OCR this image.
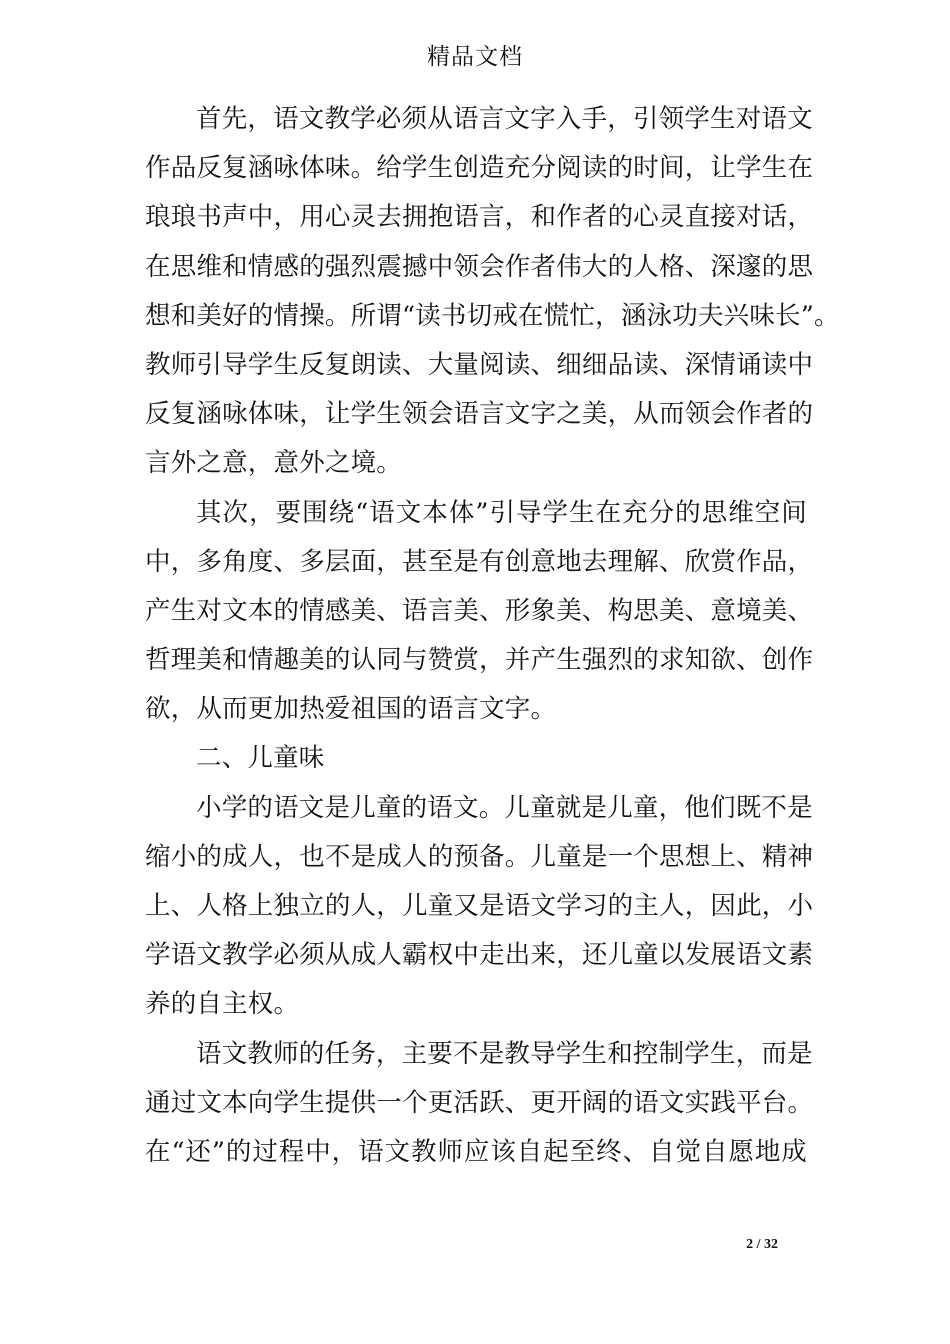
精品文档
首先，语文教学必须从语言文字入手，引领学生对语文
作品反复涵咏体味。给学生创造充分阅读的时间，让学生在
琅琅书声中，用心灵去拥抱语言，和作者的心灵直接对话，
在思维和情感的强烈震撼中领会作者伟大的人格、深邃的思
想和美好的情操。所谓“读书切戒在慌忙，涵泳功夫兴味长”。
教师引导学生反复朗读、大量阅读、细细品读、深情诵读中
反复涵咏体味，让学生领会语言文字之美，从而领会作者的
言外之意，意外之境。
其次，要围绕“语文本体”引导学生在充分的思维空间
中，多角度、多层面，甚至是有创意地去理解、欣赏作品，
产生对文本的情感美、语言美、形象美、构思美、意境美、
哲理美和情趣美的认同与赞赏，并产生强烈的求知欲、创作
欲，从而更加热爱祖国的语言文字。
二、儿童味
小学的语文是儿童的语文。儿童就是儿童，他们既不是
缩小的成人，也不是成人的预备。儿童是一个思想上、精神
上、人格上独立的人，儿童又是语文学习的主人，因此，小
学语文教学必须从成人霸权中走出来，还儿童以发展语文素
养的自主权。
语文教师的任务，主要不是教导学生和控制学生，而是
通过文本向学生提供一个更活跃、更开阔的语文实践平台。
在“还”的过程中，语文教师应该自起至终、自觉自愿地成
2 / 32
